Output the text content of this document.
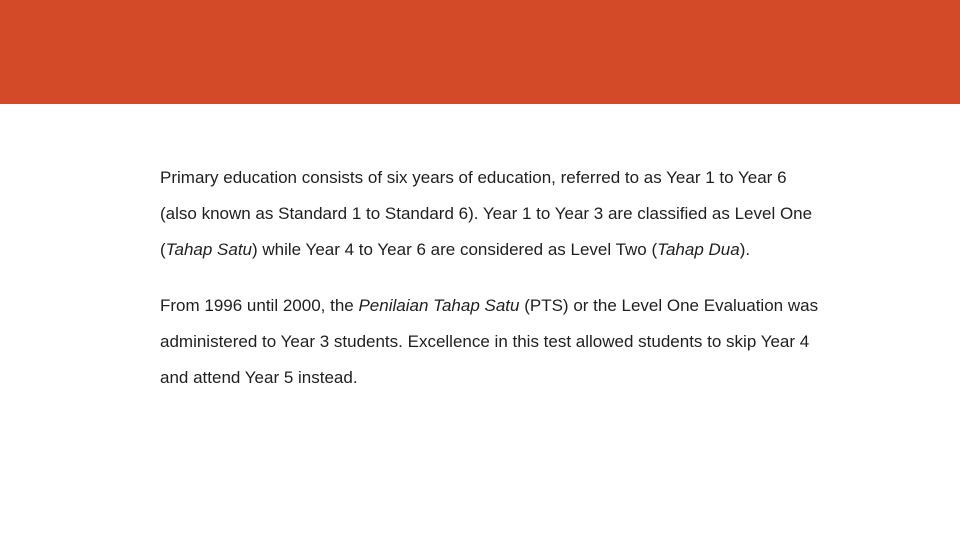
Primary education consists of six years of education, referred to as Year 1 to Year 6 (also known as Standard 1 to Standard 6). Year 1 to Year 3 are classified as Level One (Tahap Satu) while Year 4 to Year 6 are considered as Level Two (Tahap Dua).

From 1996 until 2000, the Penilaian Tahap Satu (PTS) or the Level One Evaluation was administered to Year 3 students. Excellence in this test allowed students to skip Year 4 and attend Year 5 instead.
